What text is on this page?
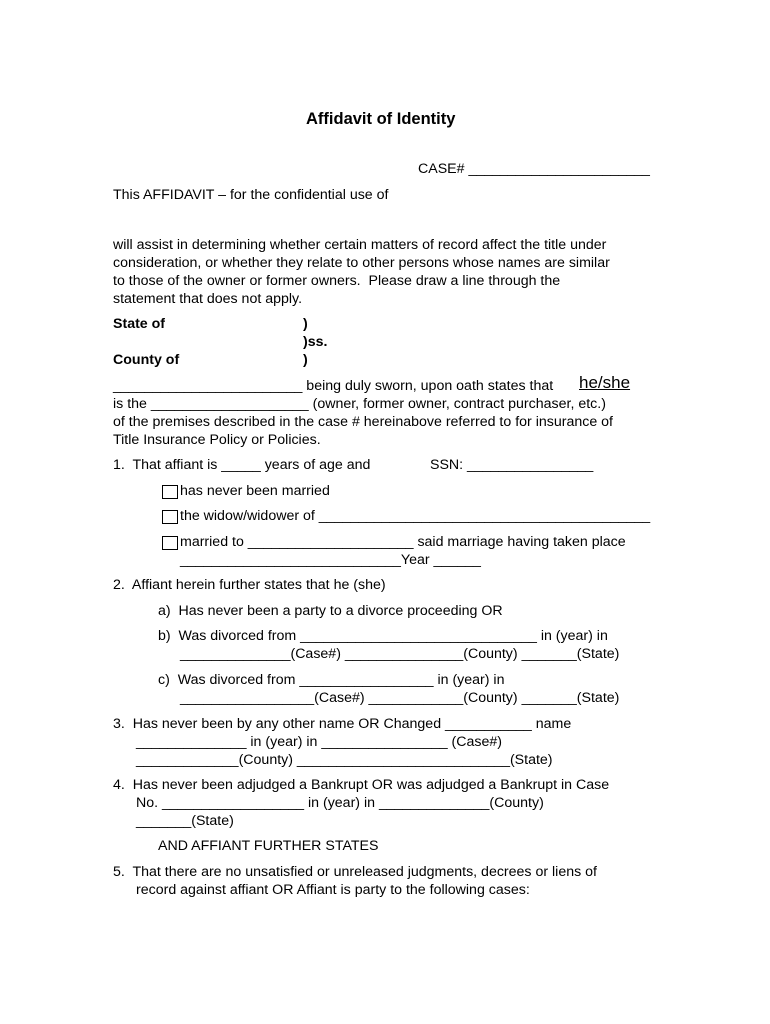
Affidavit of Identity
CASE# _______________________
This AFFIDAVIT – for the confidential use of
will assist in determining whether certain matters of record affect the title under
consideration, or whether they relate to other persons whose names are similar
to those of the owner or former owners.  Please draw a line through the
statement that does not apply.
State of	)
)ss.
County of	)
________________________ being duly sworn, upon oath states that he/she
is the ____________________ (owner, former owner, contract purchaser, etc.)
of the premises described in the case # hereinabove referred to for insurance of
Title Insurance Policy or Policies.
1.  That affiant is _____ years of age and	SSN: ________________
has never been married
the widow/widower of __________________________________________
married to _____________________ said marriage having taken place
____________________________Year ______
2.  Affiant herein further states that he (she)
a)  Has never been a party to a divorce proceeding OR
b)  Was divorced from ______________________________ in (year) in
______________(Case#) _______________(County) _______(State)
c)  Was divorced from _________________ in (year) in
_________________(Case#) ____________(County) _______(State)
3.  Has never been by any other name OR Changed ___________ name
______________ in (year) in ________________ (Case#)
_____________(County) ___________________________(State)
4.  Has never been adjudged a Bankrupt OR was adjudged a Bankrupt in Case
No. __________________ in (year) in ______________(County)
_______(State)
AND AFFIANT FURTHER STATES
5.  That there are no unsatisfied or unreleased judgments, decrees or liens of
record against affiant OR Affiant is party to the following cases:
